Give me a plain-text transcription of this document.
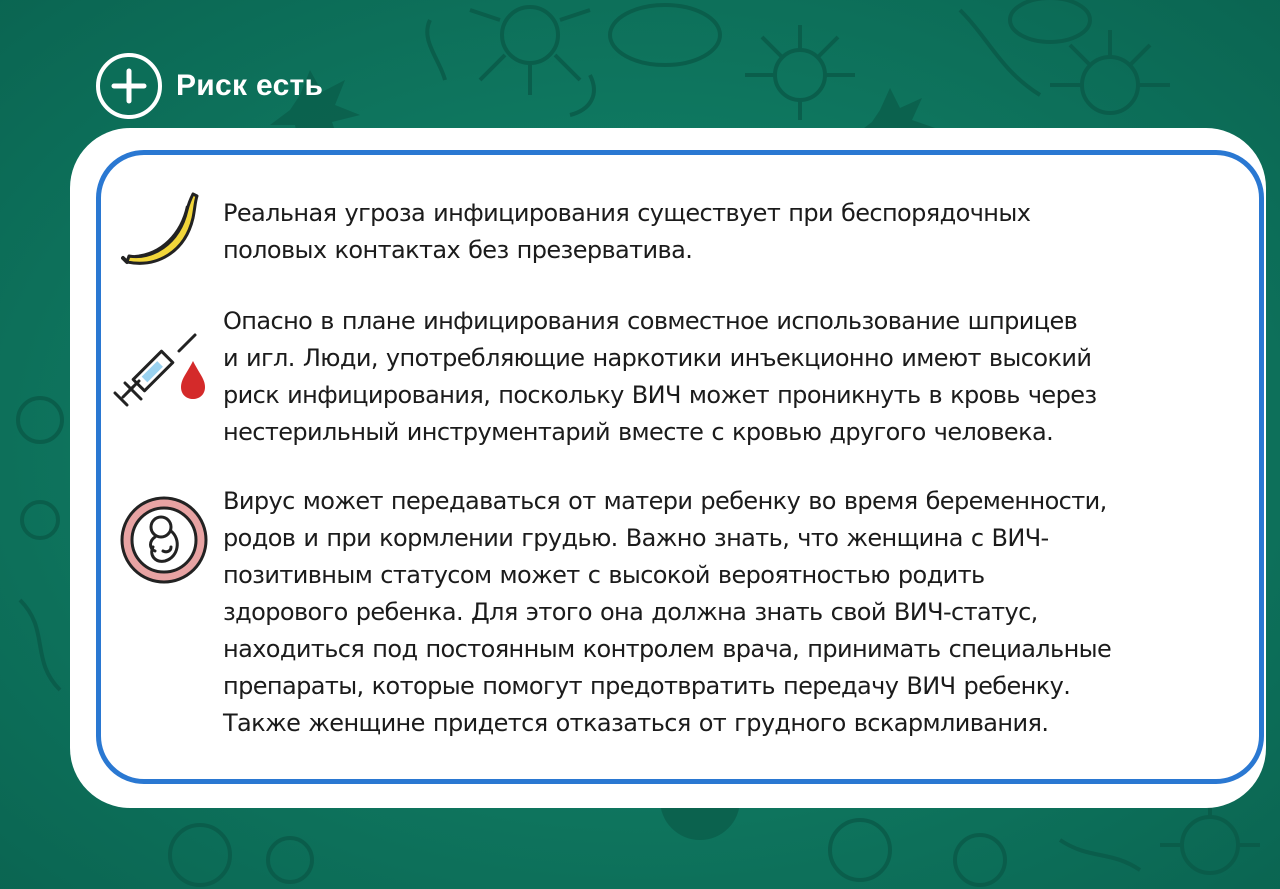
Риск есть
Реальная угроза инфицирования существует при беспорядочных
половых контактах без презерватива.
Опасно в плане инфицирования совместное использование шприцев
и игл. Люди, употребляющие наркотики инъекционно имеют высокий
риск инфицирования, поскольку ВИЧ может проникнуть в кровь через
нестерильный инструментарий вместе с кровью другого человека.
Вирус может передаваться от матери ребенку во время беременности,
родов и при кормлении грудью. Важно знать, что женщина с ВИЧ-
позитивным статусом может с высокой вероятностью родить
здорового ребенка. Для этого она должна знать свой ВИЧ-статус,
находиться под постоянным контролем врача, принимать специальные
препараты, которые помогут предотвратить передачу ВИЧ ребенку.
Также женщине придется отказаться от грудного вскармливания.
